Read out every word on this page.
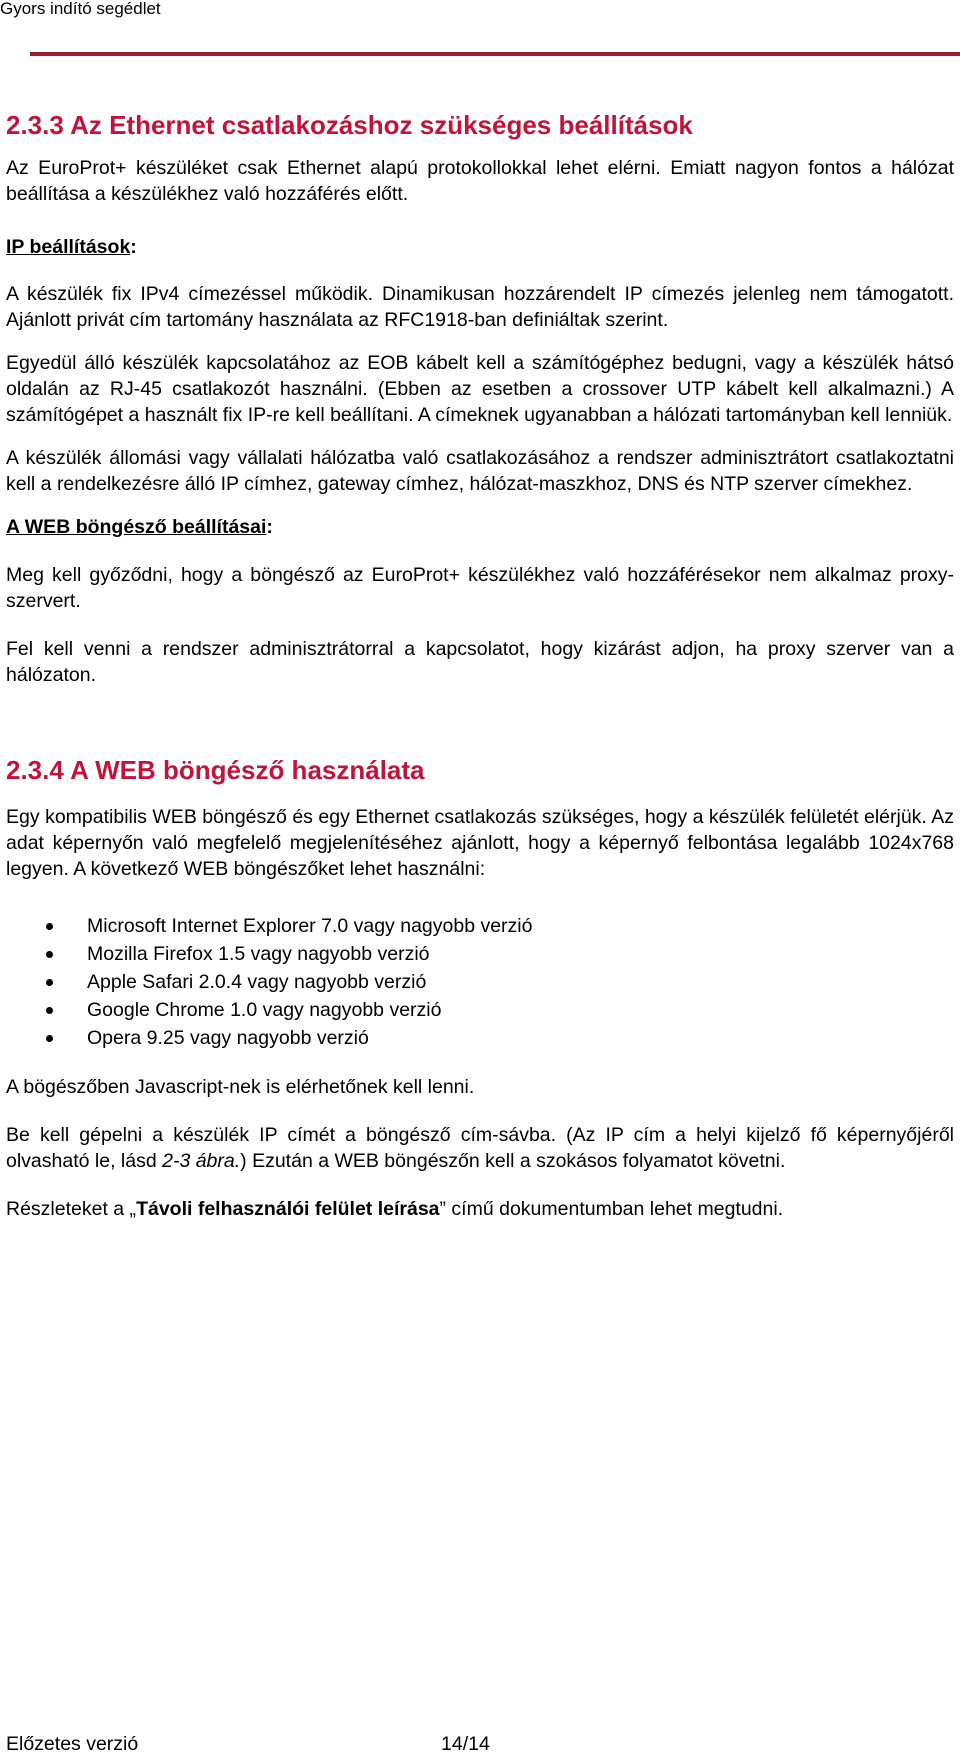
Gyors indító segédlet
2.3.3 Az Ethernet csatlakozáshoz szükséges beállítások

Az EuroProt+ készüléket csak Ethernet alapú protokollokkal lehet elérni. Emiatt nagyon fontos a hálózat beállítása a készülékhez való hozzáférés előtt.

IP beállítások:

A készülék fix IPv4 címezéssel működik. Dinamikusan hozzárendelt IP címezés jelenleg nem támogatott. Ajánlott privát cím tartomány használata az RFC1918-ban definiáltak szerint.

Egyedül álló készülék kapcsolatához az EOB kábelt kell a számítógéphez bedugni, vagy a készülék hátsó oldalán az RJ-45 csatlakozót használni. (Ebben az esetben a crossover UTP kábelt kell alkalmazni.) A számítógépet a használt fix IP-re kell beállítani. A címeknek ugyanabban a hálózati tartományban kell lenniük.

A készülék állomási vagy vállalati hálózatba való csatlakozásához a rendszer adminisztrátort csatlakoztatni kell a rendelkezésre álló IP címhez, gateway címhez, hálózat-maszkhoz, DNS és NTP szerver címekhez.

A WEB böngésző beállításai:

Meg kell győződni, hogy a böngésző az EuroProt+ készülékhez való hozzáférésekor nem alkalmaz proxy-szervert.

Fel kell venni a rendszer adminisztrátorral a kapcsolatot, hogy kizárást adjon, ha proxy szerver van a hálózaton.

2.3.4 A WEB böngésző használata

Egy kompatibilis WEB böngésző és egy Ethernet csatlakozás szükséges, hogy a készülék felületét elérjük. Az adat képernyőn való megfelelő megjelenítéséhez ajánlott, hogy a képernyő felbontása legalább 1024x768 legyen. A következő WEB böngészőket lehet használni:

Microsoft Internet Explorer 7.0 vagy nagyobb verzió
Mozilla Firefox 1.5 vagy nagyobb verzió
Apple Safari 2.0.4 vagy nagyobb verzió
Google Chrome 1.0 vagy nagyobb verzió
Opera 9.25 vagy nagyobb verzió

A bögészőben Javascript-nek is elérhetőnek kell lenni.

Be kell gépelni a készülék IP címét a böngésző cím-sávba. (Az IP cím a helyi kijelző fő képernyőjéről olvasható le, lásd 2-3 ábra.) Ezután a WEB böngészőn kell a szokásos folyamatot követni.

Részleteket a „Távoli felhasználói felület leírása” című dokumentumban lehet megtudni.

Előzetes verzió	14/14
